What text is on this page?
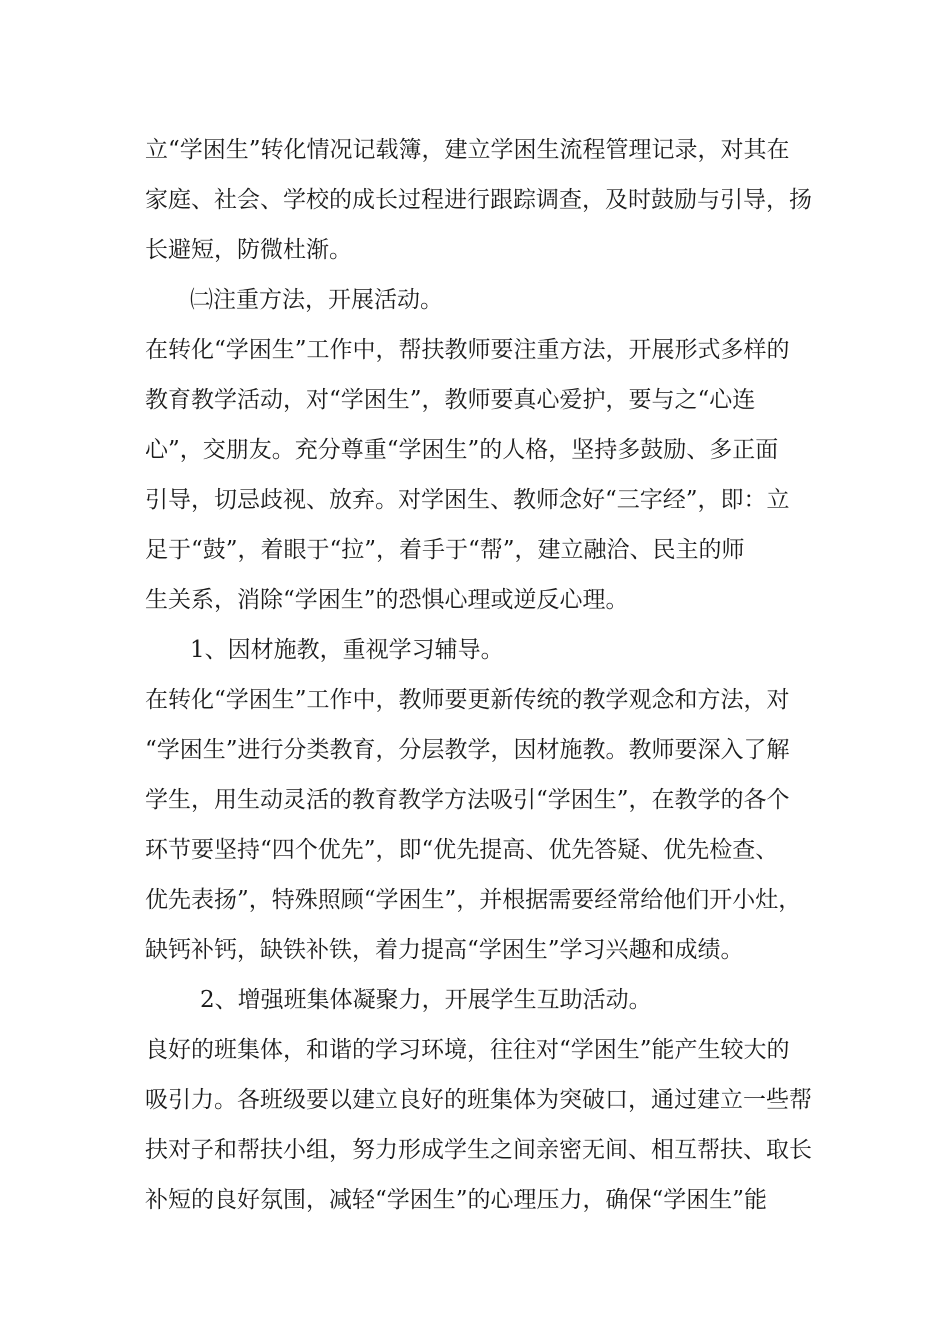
立“学困生”转化情况记载簿，建立学困生流程管理记录，对其在
家庭、社会、学校的成长过程进行跟踪调查，及时鼓励与引导，扬
长避短，防微杜渐。
㈡注重方法，开展活动。
在转化“学困生”工作中，帮扶教师要注重方法，开展形式多样的
教育教学活动，对“学困生”，教师要真心爱护，要与之“心连
心”，交朋友。充分尊重“学困生”的人格，坚持多鼓励、多正面
引导，切忌歧视、放弃。对学困生、教师念好“三字经”，即：立
足于“鼓”，着眼于“拉”，着手于“帮”，建立融洽、民主的师
生关系，消除“学困生”的恐惧心理或逆反心理。
1、因材施教，重视学习辅导。
在转化“学困生”工作中，教师要更新传统的教学观念和方法，对
“学困生”进行分类教育，分层教学，因材施教。教师要深入了解
学生，用生动灵活的教育教学方法吸引“学困生”，在教学的各个
环节要坚持“四个优先”，即“优先提高、优先答疑、优先检查、
优先表扬”，特殊照顾“学困生”，并根据需要经常给他们开小灶，
缺钙补钙，缺铁补铁，着力提高“学困生”学习兴趣和成绩。
2、增强班集体凝聚力，开展学生互助活动。
良好的班集体，和谐的学习环境，往往对“学困生”能产生较大的
吸引力。各班级要以建立良好的班集体为突破口，通过建立一些帮
扶对子和帮扶小组，努力形成学生之间亲密无间、相互帮扶、取长
补短的良好氛围，减轻“学困生”的心理压力，确保“学困生”能
